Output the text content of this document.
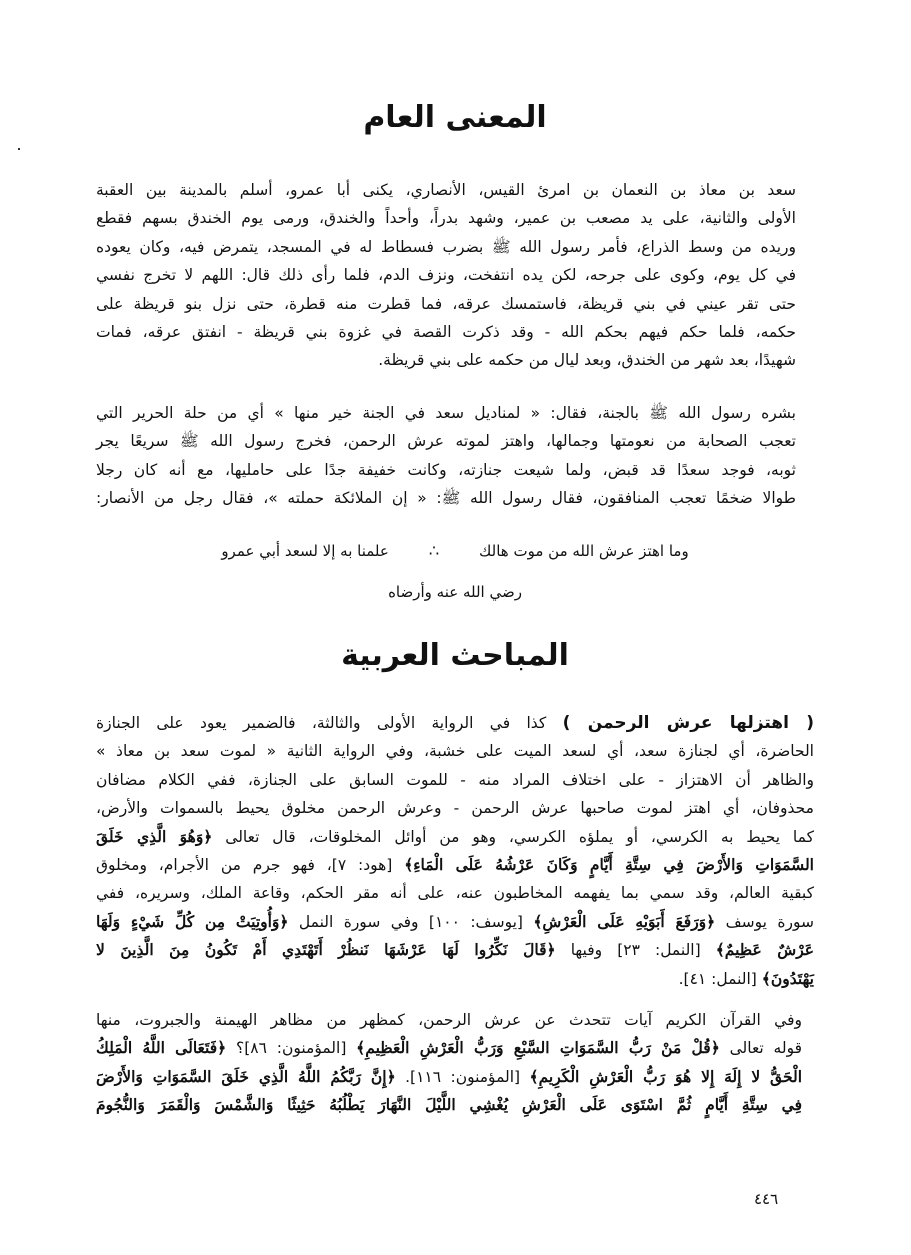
المعنى العام

سعد بن معاذ بن النعمان بن امرئ القيس، الأنصاري، يكنى أبا عمرو، أسلم بالمدينة بين العقبة
الأولى والثانية، على يد مصعب بن عمير، وشهد بدراً، وأحداً والخندق، ورمى يوم الخندق بسهم فقطع
وريده من وسط الذراع، فأمر رسول الله ﷺ بضرب فسطاط له في المسجد، يتمرض فيه، وكان يعوده
في كل يوم، وكوى على جرحه، لكن يده انتفخت، ونزف الدم، فلما رأى ذلك قال: اللهم لا تخرج نفسي
حتى تقر عيني في بني قريظة، فاستمسك عرقه، فما قطرت منه قطرة، حتى نزل بنو قريظة على
حكمه، فلما حكم فيهم بحكم الله - وقد ذكرت القصة في غزوة بني قريظة - انفتق عرقه، فمات
شهيدًا، بعد شهر من الخندق، وبعد ليال من حكمه على بني قريظة.

بشره رسول الله ﷺ بالجنة، فقال: « لمناديل سعد في الجنة خير منها » أي من حلة الحرير التي
تعجب الصحابة من نعومتها وجمالها، واهتز لموته عرش الرحمن، فخرج رسول الله ﷺ سريعًا يجر
ثوبه، فوجد سعدًا قد قبض، ولما شيعت جنازته، وكانت خفيفة جدًا على حامليها، مع أنه كان رجلا
طوالا ضخمًا تعجب المنافقون، فقال رسول الله ﷺ: « إن الملائكة حملته »، فقال رجل من الأنصار:

وما اهتز عرش الله من موت هالك
∴
علمنا به إلا لسعد أبي عمرو
رضي الله عنه وأرضاه
المباحث العربية

( اهتزلها عرش الرحمن ) كذا في الرواية الأولى والثالثة، فالضمير يعود على الجنازة
الحاضرة، أي لجنازة سعد، أي لسعد الميت على خشبة، وفي الرواية الثانية « لموت سعد بن معاذ »
والظاهر أن الاهتزاز - على اختلاف المراد منه - للموت السابق على الجنازة، ففي الكلام مضافان
محذوفان، أي اهتز لموت صاحبها عرش الرحمن - وعرش الرحمن مخلوق يحيط بالسموات والأرض،
كما يحيط به الكرسي، أو يملؤه الكرسي، وهو من أوائل المخلوقات، قال تعالى ﴿وَهُوَ الَّذِي خَلَقَ
السَّمَوَاتِ وَالأَرْضَ فِي سِتَّةِ أَيَّامٍ وَكَانَ عَرْشُهُ عَلَى الْمَاءِ﴾ [هود: ٧]، فهو جرم من الأجرام، ومخلوق
كبقية العالم، وقد سمي بما يفهمه المخاطبون عنه، على أنه مقر الحكم، وقاعة الملك، وسريره، ففي
سورة يوسف ﴿وَرَفَعَ أَبَوَيْهِ عَلَى الْعَرْشِ﴾ [يوسف: ١٠٠] وفي سورة النمل ﴿وَأُوتِيَتْ مِن كُلِّ شَيْءٍ وَلَهَا
عَرْشٌ عَظِيمٌ﴾ [النمل: ٢٣] وفيها ﴿قَالَ نَكِّرُوا لَهَا عَرْشَهَا نَنظُرْ أَتَهْتَدِي أَمْ تَكُونُ مِنَ الَّذِينَ لا
يَهْتَدُونَ﴾ [النمل: ٤١].

وفي القرآن الكريم آيات تتحدث عن عرش الرحمن، كمظهر من مظاهر الهيمنة والجبروت، منها
قوله تعالى ﴿قُلْ مَنْ رَبُّ السَّمَوَاتِ السَّبْعِ وَرَبُّ الْعَرْشِ الْعَظِيمِ﴾ [المؤمنون: ٨٦]؟ ﴿فَتَعَالَى اللَّهُ الْمَلِكُ
الْحَقُّ لا إِلَهَ إِلا هُوَ رَبُّ الْعَرْشِ الْكَرِيمِ﴾ [المؤمنون: ١١٦]. ﴿إِنَّ رَبَّكُمُ اللَّهُ الَّذِي خَلَقَ السَّمَوَاتِ وَالأَرْضَ
فِي سِتَّةِ أَيَّامٍ ثُمَّ اسْتَوَى عَلَى الْعَرْشِ يُغْشِي اللَّيْلَ النَّهَارَ يَطْلُبُهُ حَثِيثًا وَالشَّمْسَ وَالْقَمَرَ وَالنُّجُومَ

٤٤٦
